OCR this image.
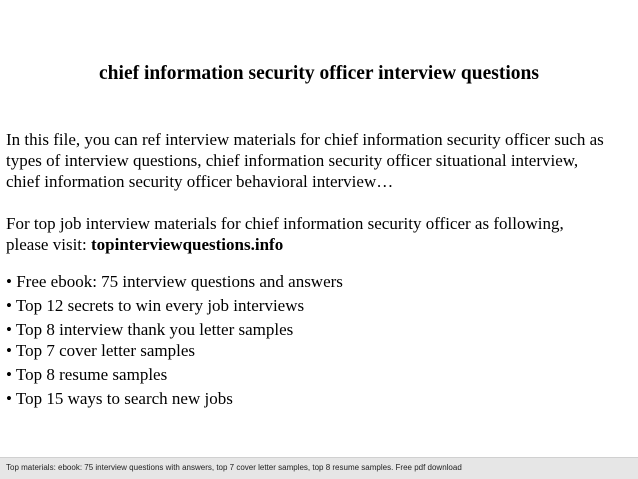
chief information security officer interview questions
In this file, you can ref interview materials for chief information security officer such as
types of interview questions, chief information security officer situational interview,
chief information security officer behavioral interview…
For top job interview materials for chief information security officer as following,
please visit: topinterviewquestions.info
• Free ebook: 75 interview questions and answers
• Top 12 secrets to win every job interviews
• Top 8 interview thank you letter samples
• Top 7 cover letter samples
• Top 8 resume samples
• Top 15 ways to search new jobs
Top materials: ebook: 75 interview questions with answers, top 7 cover letter samples, top 8 resume samples. Free pdf download
